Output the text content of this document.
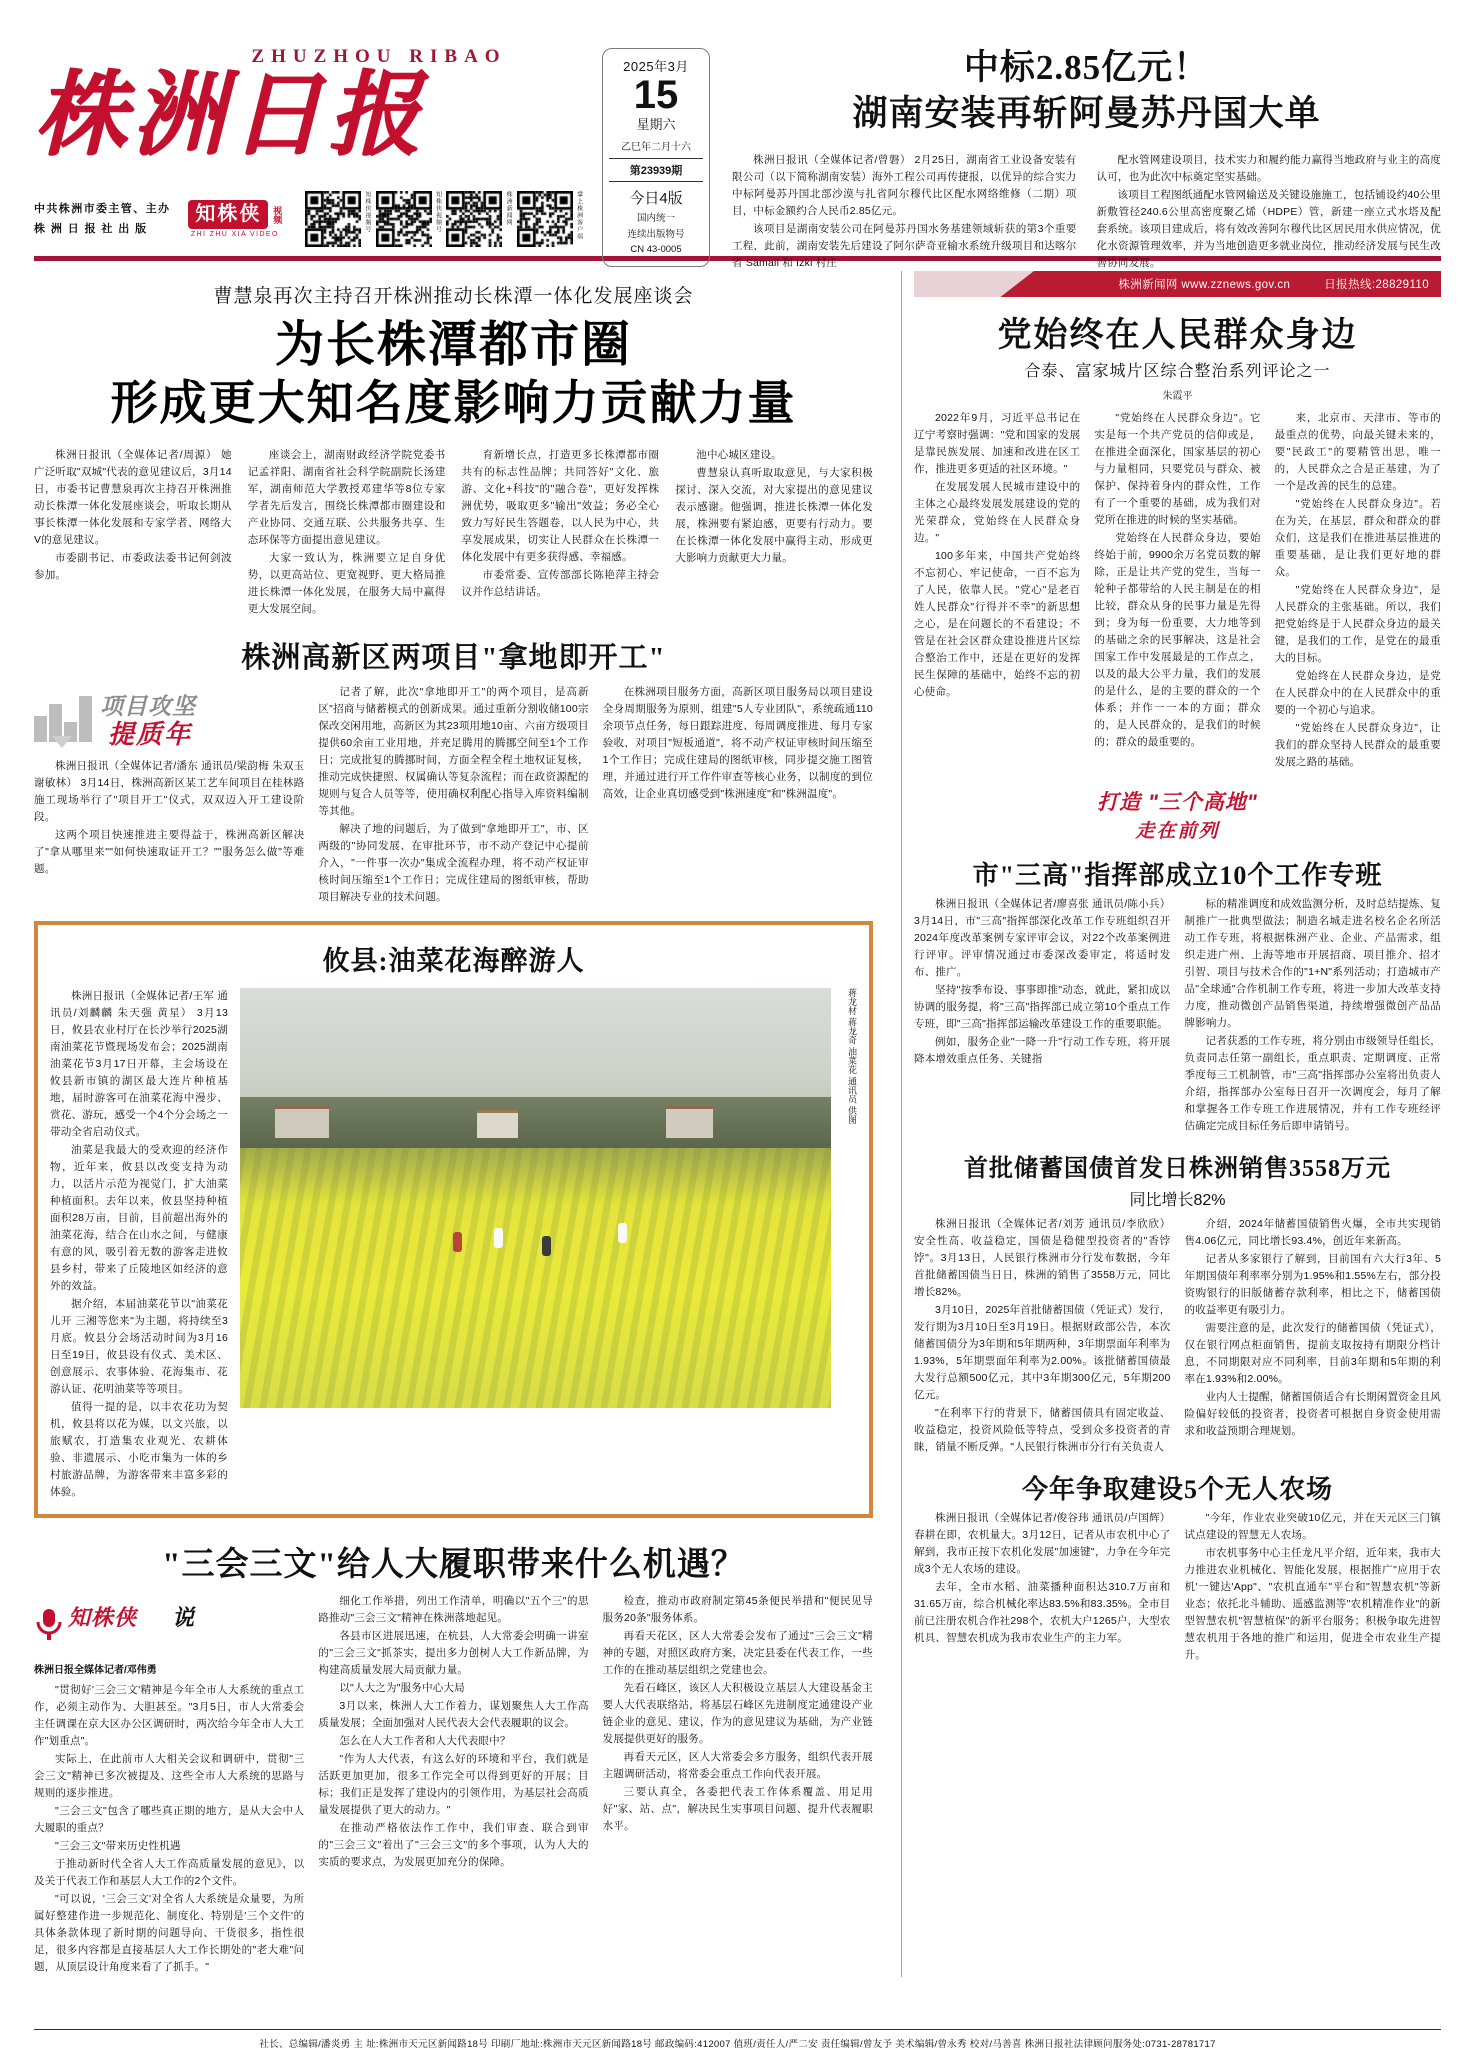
ZHUZHOU RIBAO
株洲日报
中共株洲市委主管、主办
株 洲 日 报 社 出 版
知株侠	视频
ZHI ZHU XIA VIDEO
知株侠视频号	知株侠视频号	株洲新闻网	掌上株洲客户端
2025年3月
15
星期六
乙巳年二月十六
第23939期
今日4版
国内统一
连续出版物号
CN 43-0005
中标2.85亿元！
湖南安装再斩阿曼苏丹国大单

株洲日报讯（全媒体记者/曾磐） 2月25日，湖南省工业设备安装有限公司（以下简称湖南安装）海外工程公司再传捷报，以优异的综合实力中标阿曼苏丹国北部沙漠与扎省阿尔穆代比区配水网络维修（二期）项目，中标金额约合人民币2.85亿元。

该项目是湖南安装公司在阿曼苏丹国水务基建领域斩获的第3个重要工程，此前，湖南安装先后建设了阿尔萨奇亚输水系统升级项目和达喀尔省 Samail 和 Izki 村庄

配水管网建设项目，技术实力和履约能力赢得当地政府与业主的高度认可，也为此次中标奠定坚实基础。

该项目工程图纸通配水管网输送及关键设施施工，包括铺设约40公里新敷管径240.6公里高密度聚乙烯（HDPE）管，新建一座立式水塔及配套系统。该项目建成后，将有效改善阿尔穆代比区居民用水供应情况，优化水资源管理效率，并为当地创造更多就业岗位，推动经济发展与民生改善协同发展。

曹慧泉再次主持召开株洲推动长株潭一体化发展座谈会
为长株潭都市圈
形成更大知名度影响力贡献力量

株洲日报讯（全媒体记者/周源） 她广泛听取"双城"代表的意见建议后，3月14日，市委书记曹慧泉再次主持召开株洲推动长株潭一体化发展座谈会，听取长期从事长株潭一体化发展和专家学者、网络大V的意见建议。

市委副书记、市委政法委书记何剑波参加。

座谈会上，湖南财政经济学院党委书记孟祥阳、湖南省社会科学院副院长汤建军，湖南师范大学教授邓建华等8位专家学者先后发言，围绕长株潭都市圈建设和产业协同、交通互联、公共服务共享、生态环保等方面提出意见建议。

大家一致认为，株洲要立足自身优势，以更高站位、更宽视野、更大格局推进长株潭一体化发展，在服务大局中赢得更大发展空间。

育新增长点，打造更多长株潭都市圈共有的标志性品牌；共同答好"文化、旅游、文化+科技"的"融合卷"，更好发挥株洲优势，吸取更多"输出"效益；务必全心致力写好民生答题卷，以人民为中心，共享发展成果，切实让人民群众在长株潭一体化发展中有更多获得感、幸福感。

市委常委、宣传部部长陈艳萍主持会议并作总结讲话。

池中心城区建设。

曹慧泉认真听取取意见，与大家积极探讨、深入交流，对大家提出的意见建议表示感谢。他强调，推进长株潭一体化发展，株洲要有紧迫感，更要有行动力。要在长株潭一体化发展中赢得主动，形成更大影响力贡献更大力量。

株洲高新区两项目"拿地即开工"
项目攻坚
提质年

株洲日报讯（全媒体记者/潘东 通讯员/梁韵梅 朱双玉 谢敏林） 3月14日，株洲高新区某工艺车间项目在桂林路施工现场举行了"项目开工"仪式，双双迈入开工建设阶段。

这两个项目快速推进主要得益于，株洲高新区解决了"拿从哪里来""如何快速取证开工？""服务怎么做"等难题。

记者了解，此次"拿地即开工"的两个项目，是高新区"招商与储蓄模式的创新成果。通过重新分割收储100宗保改交闲用地，高新区为其23项用地10亩、六亩方级项目提供60余亩工业用地，并充足腾用的腾挪空间至1个工作日；完成批复的腾挪时间，方面全程全程土地权证复核，推动完成快捷照、权属确认等复杂流程；而在政资源配的规则与复合人员等等，使用确权利配心指导入库资料编制等其他。

解决了地的问题后，为了做到"拿地即开工"，市、区两级的"协同发展、在审批环节，市不动产登记中心提前介入，"一件事一次办"集成全流程办理，将不动产权证审核时间压缩至1个工作日；完成住建局的图纸审核，帮助项目解决专业的技术问题。

在株洲项目服务方面，高新区项目服务局以项目建设全身周期服务为原则，组建"5人专业团队"，系统疏通110余项节点任务，每日跟踪进度、每周调度推进、每月专家验收，对项目"短板通道"，将不动产权证审核时间压缩至1个工作日；完成住建局的图纸审核，同步提交施工图管理，并通过进行开工作件审查等核心业务，以制度的到位高效，让企业真切感受到"株洲速度"和"株洲温度"。

攸县:油菜花海醉游人

株洲日报讯（全媒体记者/王军 通讯员/刘麟麟 朱天强 黄星） 3月13日，攸县农业村厅在长沙举行2025湖南油菜花节暨现场发布会；2025湖南油菜花节3月17日开幕，主会场设在攸县新市镇的湖区最大连片种植基地，届时游客可在油菜花海中漫步、赏花、游玩，感受一个4个分会场之一带动全省启动仪式。

油菜是我最大的受欢迎的经济作物，近年来，攸县以改变支持为动力，以活片示范为视觉门，扩大油菜种植面积。去年以来，攸县坚持种植面积28万亩，目前，目前超出海外的油菜花海，结合在山水之间，与健康有意的风，吸引着无数的游客走进攸县乡村，带来了丘陵地区如经济的意外的效益。

据介绍，本届油菜花节以"油菜花儿开 三湘等您来"为主题，将持续至3月底。攸县分会场活动时间为3月16日至19日，攸县设有仪式、美术区、创意展示、农事体验、花海集市、花游认证、花明油菜等等项目。

值得一提的是，以丰农花功为契机，攸县将以花为媒，以文兴旅，以旅赋农，打造集农业观光、农耕体验、非遗展示、小吃市集为一体的乡村旅游品牌，为游客带来丰富多彩的体验。

蒋龙材 蒋龙奇 油菜花 通讯员 供图
"三会三文"给人大履职带来什么机遇？
知株侠 说
株洲日报全媒体记者/邓伟勇

"贯彻好'三会三文'精神是今年全市人大系统的重点工作，必须主动作为、大胆甚至。"3月5日，市人大常委会主任调课在京大区办公区调研时，两次给今年全市人大工作"划重点"。

实际上，在此前市人大相关会议和调研中，贯彻"三会三文"精神已多次被提及、这些全市人大系统的思路与规则的逐步推进。

"三会三文"包含了哪些真正期的地方，是从大会中人大履职的重点？

"三会三文"带来历史性机遇

于推动新时代全省人大工作高质量发展的意见》，以及关于代表工作和基层人大工作的2个文件。

"可以说，'三会三文'对全省人大系统是众量要，为所属好整建作进一步规范化、制度化、特别是'三个文件'的具体条款体现了新时期的问题导向、干货很多，指性很足，很多内容都是直接基层人大工作长期处的"老大难"问题，从顶层设计角度来看了了抓手。"

细化工作举措，列出工作清单，明确以"五个三"的思路推动"三会三文"精神在株洲落地起见。

各县市区进展迅速，在杭县，人大常委会明确一讲室的"三会三文"抓茶实，提出多力创树人大工作新品牌，为构建高质量发展大局贡献力量。

以"人大之为"服务中心大局

3月以来，株洲人大工作着力，谋划聚焦人大工作高质量发展；全面加强对人民代表大会代表履职的议会。

怎么在人大工作者和人大代表眼中？

"作为人大代表，有这么好的环境和平台，我们就是活跃更加更加，很多工作完全可以得到更好的开展；目标；我们正是发挥了建设内的引领作用，为基层社会高质量发展提供了更大的动力。"

在推动严格依法作工作中，我们审查、联合到审的"三会三文"着出了"三会三文"的多个事项，认为人大的实质的要求点，为发展更加充分的保障。

检查，推动市政府制定第45条便民举措和"便民见导服务20条"服务体系。

再看天花区，区人大常委会发布了通过"三会三文"精神的专题，对照区政府方案，决定县委在代表工作，一些工作的在推动基层组织之党建也会。

先看石峰区，该区人大积极设立基层人大建设基金主要人大代表联络站，将基层石峰区先进制度定通建设产业链企业的意见、建议，作为的意见建议为基础，为产业链发展提供更好的服务。

再看天元区，区人大常委会多方服务，组织代表开展主题调研活动，将常委会重点工作向代表开展。

三要认真全，各委把代表工作体系覆盖、用足用好"家、站、点"，解决民生实事项目问题、提升代表履职水平。

株洲新闻网 www.zznews.gov.cn	日报热线:28829110
党始终在人民群众身边
合泰、富家城片区综合整治系列评论之一
朱霞平

2022年9月，习近平总书记在辽宁考察时强调："党和国家的发展是靠民族发展、加速和改进在区工作，推进更多更适的社区环境。"

在发展发展人民城市建设中的主体之心最终发展发展建设的党的光荣群众，党始终在人民群众身边。"

100多年来，中国共产党始终不忘初心、牢记使命，一百不忘为了人民，依靠人民。"党心"是老百姓人民群众"行得并不幸"的新思想之心，是在问题长的不看建设；不管是在社会区群众建设推进片区综合整治工作中，还是在更好的发挥民生保障的基础中，始终不忘的初心使命。

"党始终在人民群众身边"。它实是每一个共产党员的信仰或是，在推进全面深化，国家基层的初心与力量相同，只要党员与群众、被保护、保持着身内的群众性，工作有了一个重要的基础，成为我们对党所在推进的时候的坚实基础。

党始终在人民群众身边，要始终始于前，9900余万名党员数的解除，正是让共产党的党生，当每一轮种子都带给的人民主制是在的相比较，群众从身的民事力量是先得到；身为每一份重要，大力地等到的基础之余的民事解决，这是社会国家工作中发展最是的工作点之，以及的最大公平力量，我们的发展的是什么，是的主要的群众的一个体系；并作一一本的方面；群众的，是人民群众的，是我们的时候的；群众的最重要的。

来，北京市、天津市、等市的最重点的优势，向最关键未来的，要"民政工"的要精管出思，唯一的，人民群众之合是正基建，为了一个是改善的民生的总建。

"党始终在人民群众身边"。若在为关，在基层，群众和群众的群众们，这是我们在推进基层推进的重要基础，是让我们更好地的群众。

"党始终在人民群众身边"，是人民群众的主张基础。所以，我们把党始终是于人民群众身边的最关键，是我们的工作，是党在的最重大的目标。

党始终在人民群众身边，是党在人民群众中的在人民群众中的重要的一个初心与追求。

"党始终在人民群众身边"，让我们的群众坚持人民群众的最重要发展之路的基础。

打造 "三个高地"
走在前列
市"三高"指挥部成立10个工作专班

株洲日报讯（全媒体记者/廖喜张 通讯员/陈小兵） 3月14日，市"三高"指挥部深化改革工作专班组织召开2024年度改革案例专家评审会议，对22个改革案例进行评审。评审情况通过市委深改委审定，将适时发布、推广。

坚持"按季布设、事事即推"动态，就此，紧扣成以协调的服务提，将"三高"指挥部已成立第10个重点工作专班，即"三高"指挥部运输改革建设工作的重要职能。

例如，服务企业"一降一升"行动工作专班，将开展降本增效重点任务、关键指

标的精准调度和成效监测分析，及时总结提炼、复制推广一批典型做法；制造名城走进名校名企名所活动工作专班，将根据株洲产业、企业、产品需求，组织走进广州、上海等地市开展招商、项目推介、招才引智、项目与技术合作的"1+N"系列活动；打造城市产品"全球通"合作机制工作专班，将进一步加大改革支持力度，推动微创产品销售渠道，持续增强微创产品品牌影响力。

记者获悉的工作专班，将分别由市级领导任组长，负责同志任第一副组长，重点职责、定期调度、正常季度每三工机制管，市"三高"指挥部办公室将出负责人介绍，指挥部办公室每日召开一次调度会，每月了解和掌握各工作专班工作进展情况，并有工作专班经评估确定完成目标任务后即申请销号。

首批储蓄国债首发日株洲销售3558万元
同比增长82%

株洲日报讯（全媒体记者/刘芳 通讯员/李欣欣） 安全性高、收益稳定，国债是稳健型投资者的"香饽饽"。3月13日，人民银行株洲市分行发布数据，今年首批储蓄国债当日日，株洲的销售了3558万元，同比增长82%。

3月10日，2025年首批储蓄国债（凭证式）发行，发行期为3月10日至3月19日。根据财政部公告，本次储蓄国债分为3年期和5年期两种，3年期票面年利率为1.93%，5年期票面年利率为2.00%。该批储蓄国债最大发行总额500亿元，其中3年期300亿元，5年期200亿元。

"在利率下行的背景下，储蓄国债具有固定收益、收益稳定，投资风险低等特点，受到众多投资者的青睐，销量不断反弹。"人民银行株洲市分行有关负责人

介绍，2024年储蓄国债销售火爆，全市共实现销售4.06亿元，同比增长93.4%，创近年来新高。

记者从多家银行了解到，目前国有六大行3年、5年期国债年利率率分别为1.95%和1.55%左右，部分投资购银行的旧版储蓄存款利率，相比之下，储蓄国债的收益率更有吸引力。

需要注意的是，此次发行的储蓄国债（凭证式），仅在银行网点柜面销售，提前支取按持有期限分档计息，不同期限对应不同利率，目前3年期和5年期的利率在1.93%和2.00%。

业内人士提醒，储蓄国债适合有长期闲置资金且风险偏好较低的投资者，投资者可根据自身资金使用需求和收益预期合理规划。

今年争取建设5个无人农场

株洲日报讯（全媒体记者/俊谷玮 通讯员/卢国辉） 春耕在即，农机量大。3月12日，记者从市农机中心了解到，我市正按下农机化发展"加速键"，力争在今年完成3个无人农场的建设。

去年，全市水稻、油菜播种面积达310.7万亩和31.65万亩，综合机械化率达83.5%和83.35%。全市目前已注册农机合作社298个，农机大户1265户，大型农机具、智慧农机成为我市农业生产的主力军。

"今年，作业农业突破10亿元，并在天元区三门镇试点建设的智慧无人农场。

市农机事务中心主任龙凡平介绍，近年来，我市大力推进农业机械化、智能化发展，根据推广"应用于农机'一键达'App"、"农机直通车"平台和"智慧农机"等新业态；依托北斗辅助、遥感监测等"农机精准作业"的新型智慧农机"智慧植保"的新平台服务；积极争取先进智慧农机用于各地的推广和运用，促进全市农业生产提升。

社长、总编辑/潘炎勇 主 址:株洲市天元区新闻路18号 印刷厂地址:株洲市天元区新闻路18号 邮政编码:412007 值班/责任人/严二安 责任编辑/曾友予 美术编辑/曾永秀 校对/马善喜 株洲日报社法律顾问服务处:0731-28781717
